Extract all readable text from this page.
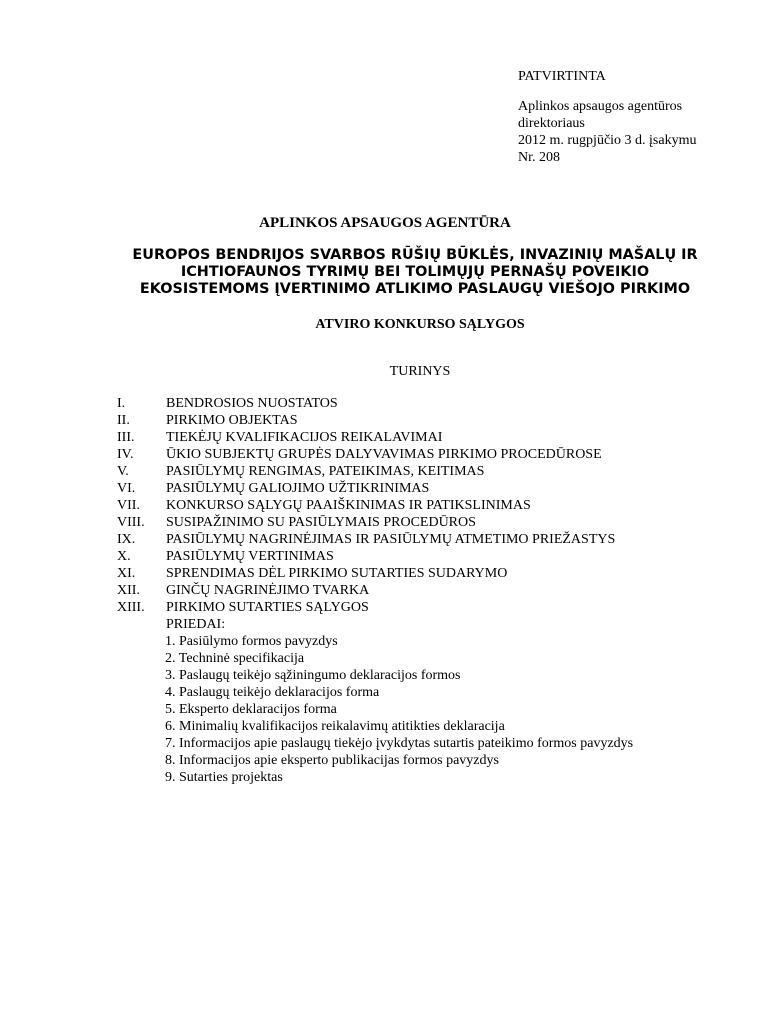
PATVIRTINTA
Aplinkos apsaugos agentūros
direktoriaus
2012 m. rugpjūčio 3 d. įsakymu
Nr. 208
APLINKOS APSAUGOS AGENTŪRA
EUROPOS BENDRIJOS SVARBOS RŪŠIŲ BŪKLĖS, INVAZINIŲ MAŠALŲ IR
ICHTIOFAUNOS TYRIMŲ BEI TOLIMŲJŲ PERNAŠŲ POVEIKIO
EKOSISTEMOMS ĮVERTINIMO ATLIKIMO PASLAUGŲ VIEŠOJO PIRKIMO
ATVIRO KONKURSO SĄLYGOS
TURINYS
I.	BENDROSIOS NUOSTATOS
II.	PIRKIMO OBJEKTAS
III. TIEKĖJŲ KVALIFIKACIJOS REIKALAVIMAI
IV. ŪKIO SUBJEKTŲ GRUPĖS DALYVAVIMAS PIRKIMO PROCEDŪROSE
V.	PASIŪLYMŲ RENGIMAS, PATEIKIMAS, KEITIMAS
VI. PASIŪLYMŲ GALIOJIMO UŽTIKRINIMAS
VII. KONKURSO SĄLYGŲ PAAIŠKINIMAS IR PATIKSLINIMAS
VIII. SUSIPAŽINIMO SU PASIŪLYMAIS PROCEDŪROS
IX. PASIŪLYMŲ NAGRINĖJIMAS IR PASIŪLYMŲ ATMETIMO PRIEŽASTYS
X.	PASIŪLYMŲ VERTINIMAS
XI. SPRENDIMAS DĖL PIRKIMO SUTARTIES SUDARYMO
XII. GINČŲ NAGRINĖJIMO TVARKA
XIII. PIRKIMO SUTARTIES SĄLYGOS
PRIEDAI:
1. Pasiūlymo formos pavyzdys
2. Techninė specifikacija
3. Paslaugų teikėjo sąžiningumo deklaracijos formos
4. Paslaugų teikėjo deklaracijos forma
5. Eksperto deklaracijos forma
6. Minimalių kvalifikacijos reikalavimų atitikties deklaracija
7. Informacijos apie paslaugų tiekėjo įvykdytas sutartis pateikimo formos pavyzdys
8. Informacijos apie eksperto publikacijas formos pavyzdys
9. Sutarties projektas
